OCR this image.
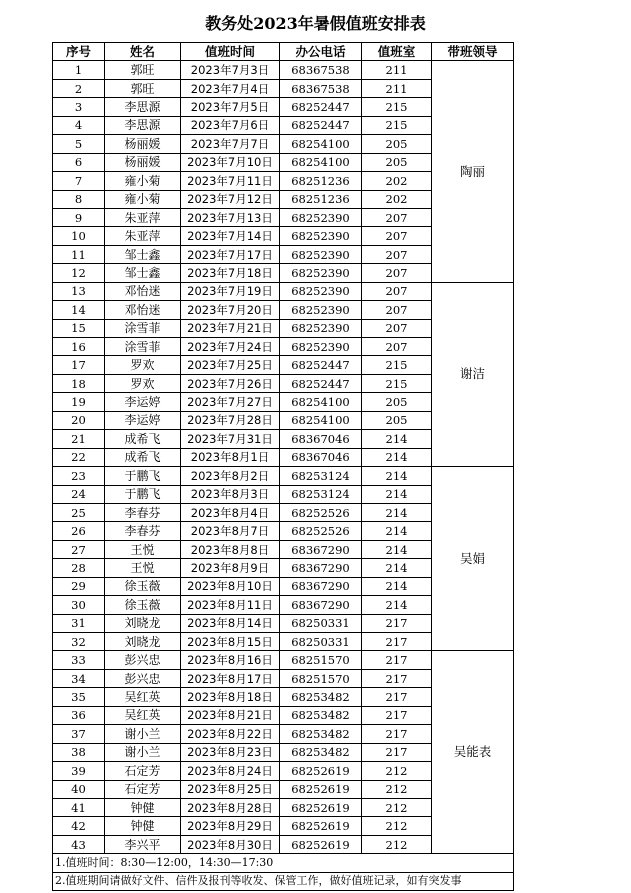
教务处2023年暑假值班安排表
序号	姓名	值班时间	办公电话	值班室	带班领导
1	郭旺	2023年7月3日	68367538	211	陶丽
2	郭旺	2023年7月4日	68367538	211	
3	李思源	2023年7月5日	68252447	215	
4	李思源	2023年7月6日	68252447	215	
5	杨丽媛	2023年7月7日	68254100	205	
6	杨丽媛	2023年7月10日	68254100	205	
7	雍小菊	2023年7月11日	68251236	202	
8	雍小菊	2023年7月12日	68251236	202	
9	朱亚萍	2023年7月13日	68252390	207	
10	朱亚萍	2023年7月14日	68252390	207	
11	邹士鑫	2023年7月17日	68252390	207	
12	邹士鑫	2023年7月18日	68252390	207	
13	邓怡迷	2023年7月19日	68252390	207	谢洁
14	邓怡迷	2023年7月20日	68252390	207	
15	涂雪菲	2023年7月21日	68252390	207	
16	涂雪菲	2023年7月24日	68252390	207	
17	罗欢	2023年7月25日	68252447	215	
18	罗欢	2023年7月26日	68252447	215	
19	李运婷	2023年7月27日	68254100	205	
20	李运婷	2023年7月28日	68254100	205	
21	成希飞	2023年7月31日	68367046	214	
22	成希飞	2023年8月1日	68367046	214	
23	于鹏飞	2023年8月2日	68253124	214	吴娟
24	于鹏飞	2023年8月3日	68253124	214	
25	李春芬	2023年8月4日	68252526	214	
26	李春芬	2023年8月7日	68252526	214	
27	王悦	2023年8月8日	68367290	214	
28	王悦	2023年8月9日	68367290	214	
29	徐玉薇	2023年8月10日	68367290	214	
30	徐玉薇	2023年8月11日	68367290	214	
31	刘晓龙	2023年8月14日	68250331	217	
32	刘晓龙	2023年8月15日	68250331	217	
33	彭兴忠	2023年8月16日	68251570	217	吴能表
34	彭兴忠	2023年8月17日	68251570	217	
35	吴红英	2023年8月18日	68253482	217	
36	吴红英	2023年8月21日	68253482	217	
37	谢小兰	2023年8月22日	68253482	217	
38	谢小兰	2023年8月23日	68253482	217	
39	石定芳	2023年8月24日	68252619	212	
40	石定芳	2023年8月25日	68252619	212	
41	钟健	2023年8月28日	68252619	212	
42	钟健	2023年8月29日	68252619	212	
43	李兴平	2023年8月30日	68252619	212	
1.值班时间：8:30—12:00，14:30—17:30					
2.值班期间请做好文件、信件及报刊等收发、保管工作，做好值班记录，如有突发事					
